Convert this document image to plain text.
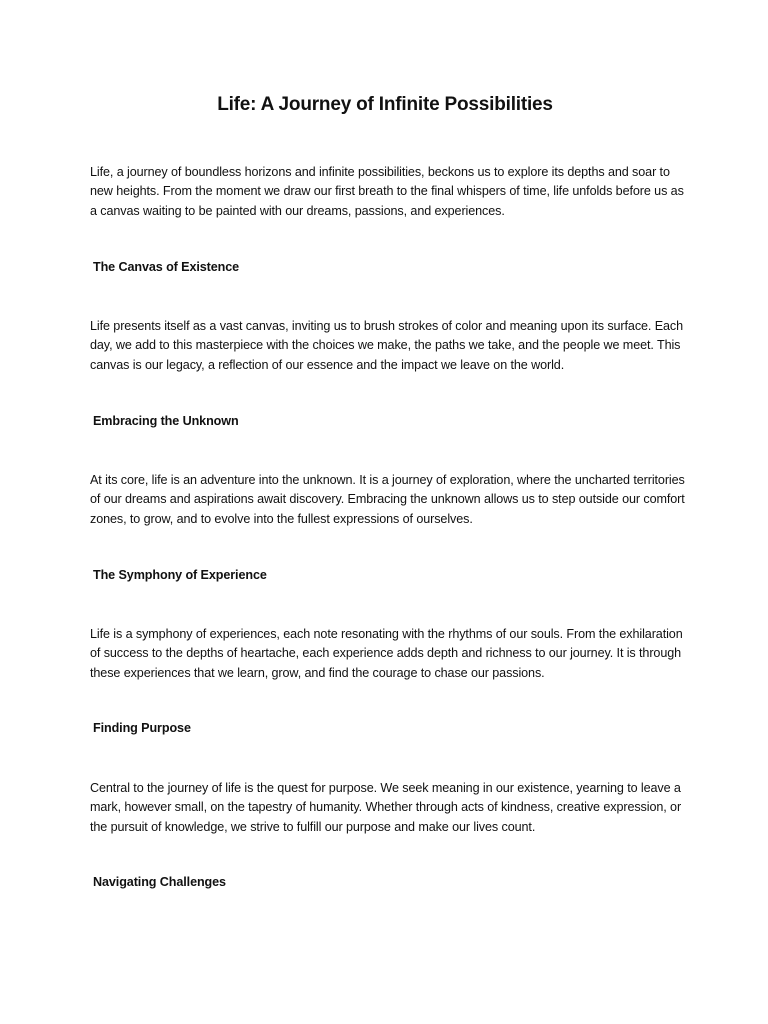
Life: A Journey of Infinite Possibilities

Life, a journey of boundless horizons and infinite possibilities, beckons us to explore its depths and soar to new heights. From the moment we draw our first breath to the final whispers of time, life unfolds before us as a canvas waiting to be painted with our dreams, passions, and experiences.

The Canvas of Existence

Life presents itself as a vast canvas, inviting us to brush strokes of color and meaning upon its surface. Each day, we add to this masterpiece with the choices we make, the paths we take, and the people we meet. This canvas is our legacy, a reflection of our essence and the impact we leave on the world.

Embracing the Unknown

At its core, life is an adventure into the unknown. It is a journey of exploration, where the uncharted territories of our dreams and aspirations await discovery. Embracing the unknown allows us to step outside our comfort zones, to grow, and to evolve into the fullest expressions of ourselves.

The Symphony of Experience

Life is a symphony of experiences, each note resonating with the rhythms of our souls. From the exhilaration of success to the depths of heartache, each experience adds depth and richness to our journey. It is through these experiences that we learn, grow, and find the courage to chase our passions.

Finding Purpose

Central to the journey of life is the quest for purpose. We seek meaning in our existence, yearning to leave a mark, however small, on the tapestry of humanity. Whether through acts of kindness, creative expression, or the pursuit of knowledge, we strive to fulfill our purpose and make our lives count.

Navigating Challenges
